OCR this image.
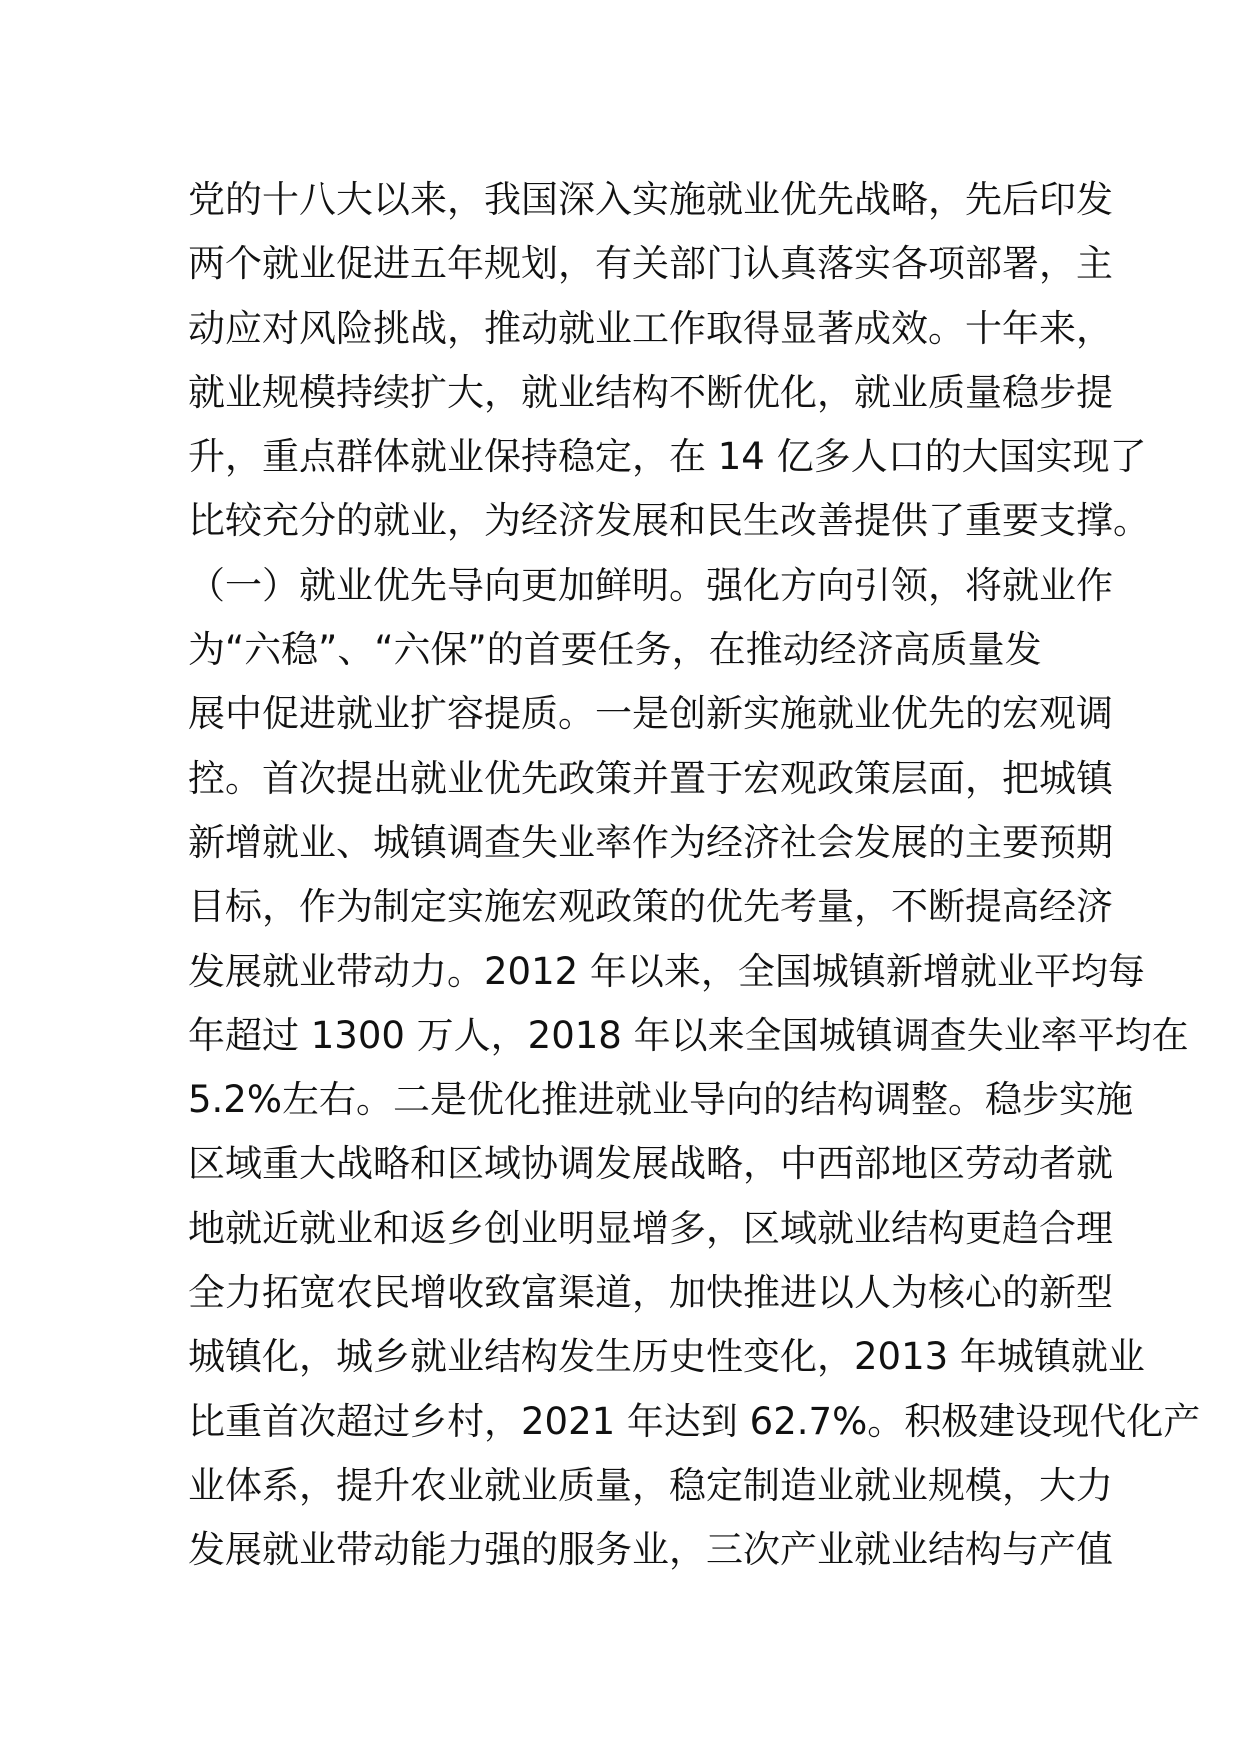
党的十八大以来，我国深入实施就业优先战略，先后印发
两个就业促进五年规划，有关部门认真落实各项部署，主
动应对风险挑战，推动就业工作取得显著成效。十年来，
就业规模持续扩大，就业结构不断优化，就业质量稳步提
升，重点群体就业保持稳定，在 14 亿多人口的大国实现了
比较充分的就业，为经济发展和民生改善提供了重要支撑。
（一）就业优先导向更加鲜明。强化方向引领，将就业作
为“六稳”、“六保”的首要任务，在推动经济高质量发
展中促进就业扩容提质。一是创新实施就业优先的宏观调
控。首次提出就业优先政策并置于宏观政策层面，把城镇
新增就业、城镇调查失业率作为经济社会发展的主要预期
目标，作为制定实施宏观政策的优先考量，不断提高经济
发展就业带动力。2012 年以来，全国城镇新增就业平均每
年超过 1300 万人，2018 年以来全国城镇调查失业率平均在
5.2%左右。二是优化推进就业导向的结构调整。稳步实施
区域重大战略和区域协调发展战略，中西部地区劳动者就
地就近就业和返乡创业明显增多，区域就业结构更趋合理
全力拓宽农民增收致富渠道，加快推进以人为核心的新型
城镇化，城乡就业结构发生历史性变化，2013 年城镇就业
比重首次超过乡村，2021 年达到 62.7%。积极建设现代化产
业体系，提升农业就业质量，稳定制造业就业规模，大力
发展就业带动能力强的服务业，三次产业就业结构与产值
